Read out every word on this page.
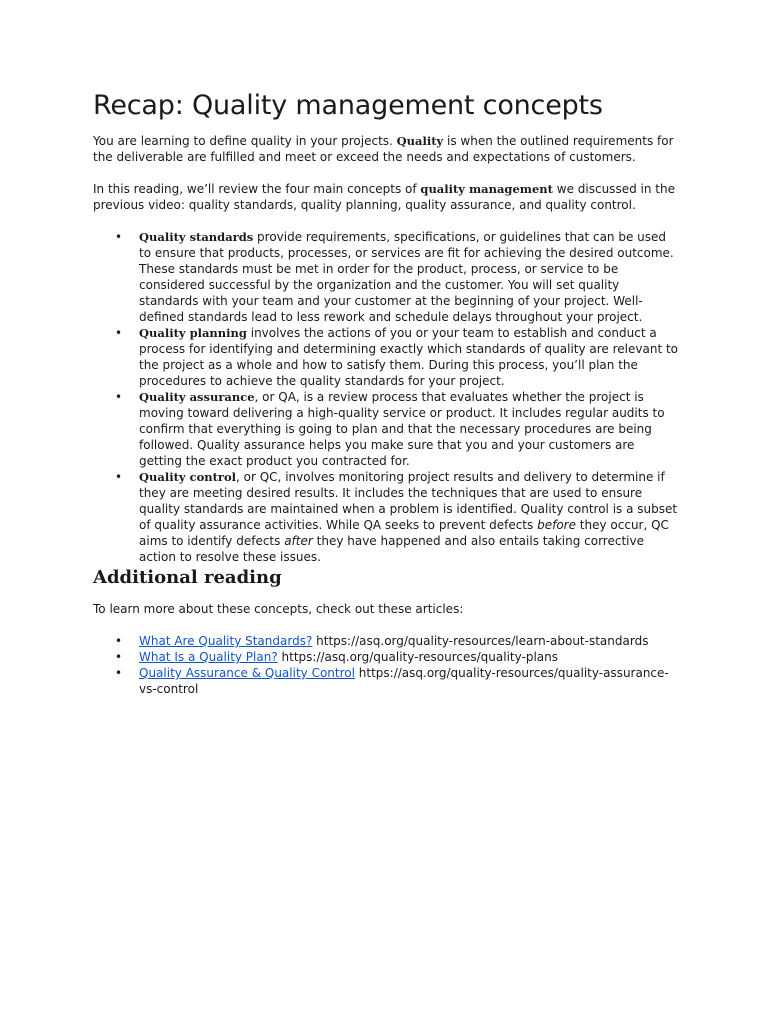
Recap: Quality management concepts

You are learning to define quality in your projects. Quality is when the outlined requirements for the deliverable are fulfilled and meet or exceed the needs and expectations of customers.

In this reading, we’ll review the four main concepts of quality management we discussed in the previous video: quality standards, quality planning, quality assurance, and quality control.

• Quality standards provide requirements, specifications, or guidelines that can be used to ensure that products, processes, or services are fit for achieving the desired outcome. These standards must be met in order for the product, process, or service to be considered successful by the organization and the customer. You will set quality standards with your team and your customer at the beginning of your project. Well-defined standards lead to less rework and schedule delays throughout your project.
• Quality planning involves the actions of you or your team to establish and conduct a process for identifying and determining exactly which standards of quality are relevant to the project as a whole and how to satisfy them. During this process, you’ll plan the procedures to achieve the quality standards for your project.
• Quality assurance, or QA, is a review process that evaluates whether the project is moving toward delivering a high-quality service or product. It includes regular audits to confirm that everything is going to plan and that the necessary procedures are being followed. Quality assurance helps you make sure that you and your customers are getting the exact product you contracted for.
• Quality control, or QC, involves monitoring project results and delivery to determine if they are meeting desired results. It includes the techniques that are used to ensure quality standards are maintained when a problem is identified. Quality control is a subset of quality assurance activities. While QA seeks to prevent defects before they occur, QC aims to identify defects after they have happened and also entails taking corrective action to resolve these issues.
Additional reading

To learn more about these concepts, check out these articles:

• What Are Quality Standards? https://asq.org/quality-resources/learn-about-standards
• What Is a Quality Plan? https://asq.org/quality-resources/quality-plans
• Quality Assurance & Quality Control https://asq.org/quality-resources/quality-assurance-vs-control
